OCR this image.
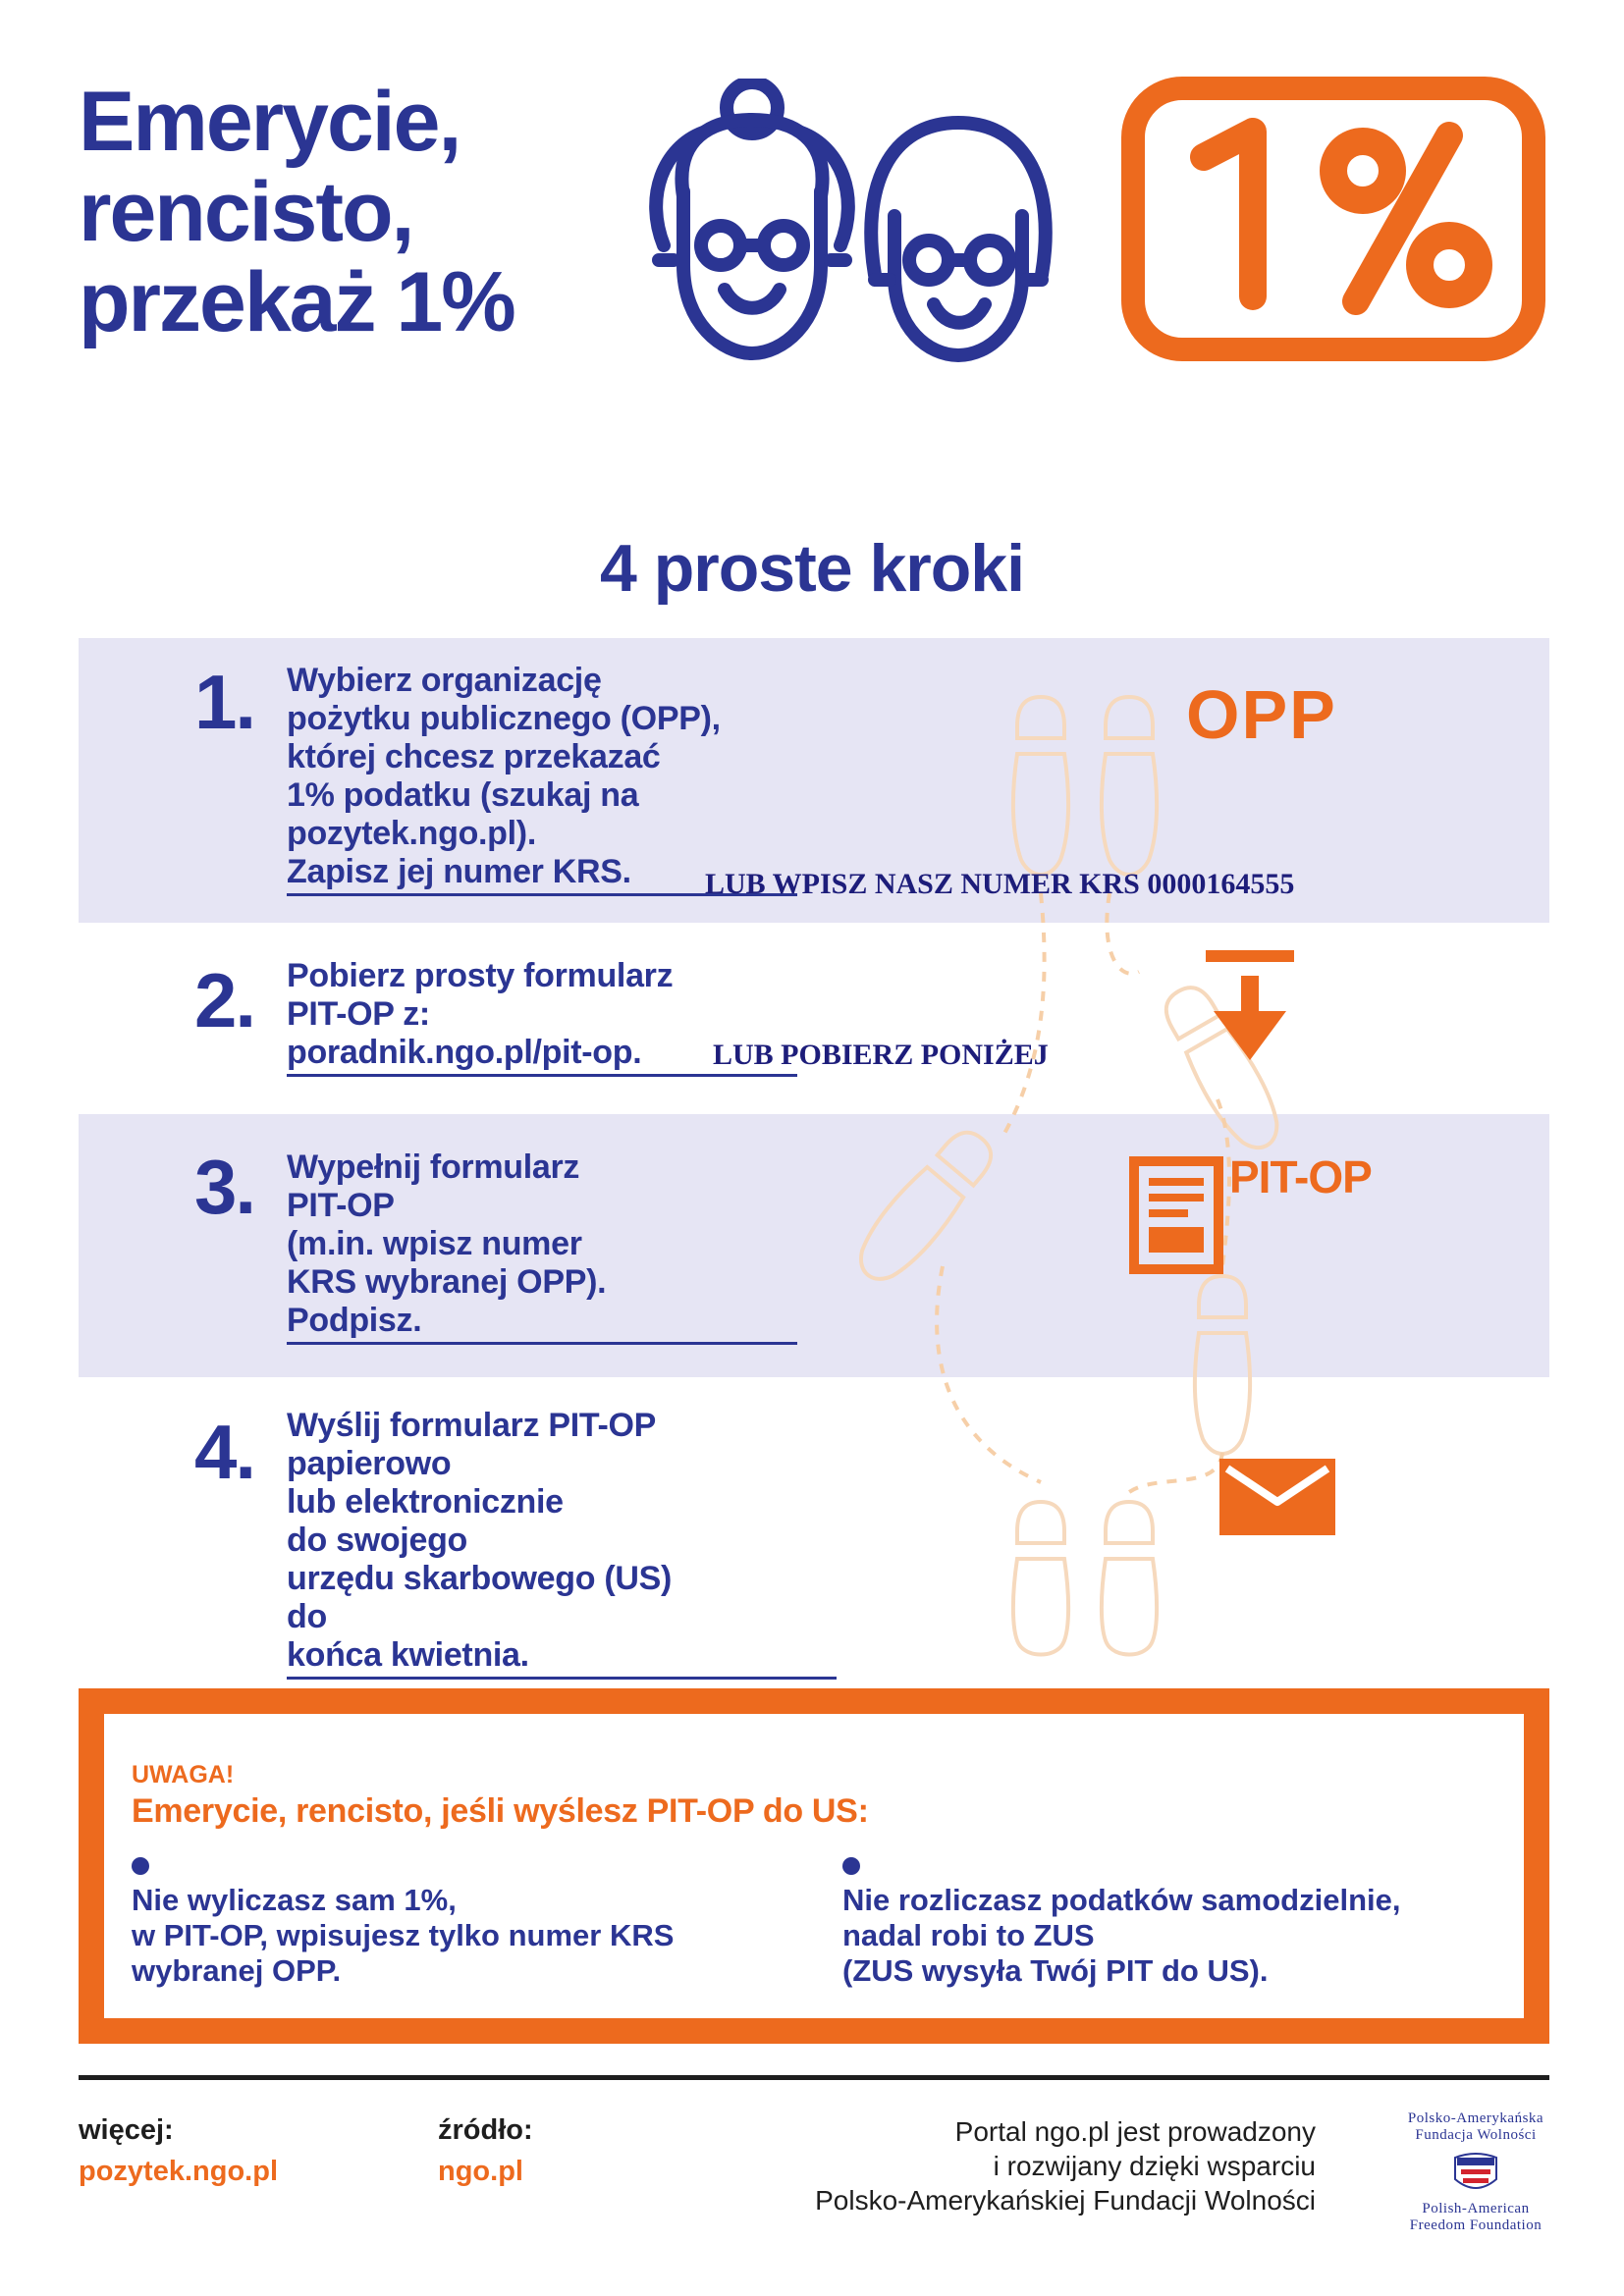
Emerycie,
rencisto,
przekaż 1%
4 proste kroki
1. Wybierz organizację
pożytku publicznego (OPP),
której chcesz przekazać
1% podatku (szukaj na
pozytek.ngo.pl).
Zapisz jej numer KRS.	LUB WPISZ NASZ NUMER KRS 0000164555
OPP
2. Pobierz prosty formularz
PIT-OP z:
poradnik.ngo.pl/pit-op.	LUB POBIERZ PONIŻEJ
3. Wypełnij formularz
PIT-OP
(m.in. wpisz numer
KRS wybranej OPP).
Podpisz.
PIT-OP
4. Wyślij formularz PIT-OP
papierowo
lub elektronicznie
do swojego
urzędu skarbowego (US)
do
końca kwietnia.
UWAGA!
Emerycie, rencisto, jeśli wyślesz PIT-OP do US:
Nie wyliczasz sam 1%,
w PIT-OP, wpisujesz tylko numer KRS
wybranej OPP.
Nie rozliczasz podatków samodzielnie,
nadal robi to ZUS
(ZUS wysyła Twój PIT do US).
więcej:
pozytek.ngo.pl
źródło:
ngo.pl
Portal ngo.pl jest prowadzony
i rozwijany dzięki wsparciu
Polsko-Amerykańskiej Fundacji Wolności
Polsko-Amerykańska
Fundacja Wolności
Polish-American
Freedom Foundation
